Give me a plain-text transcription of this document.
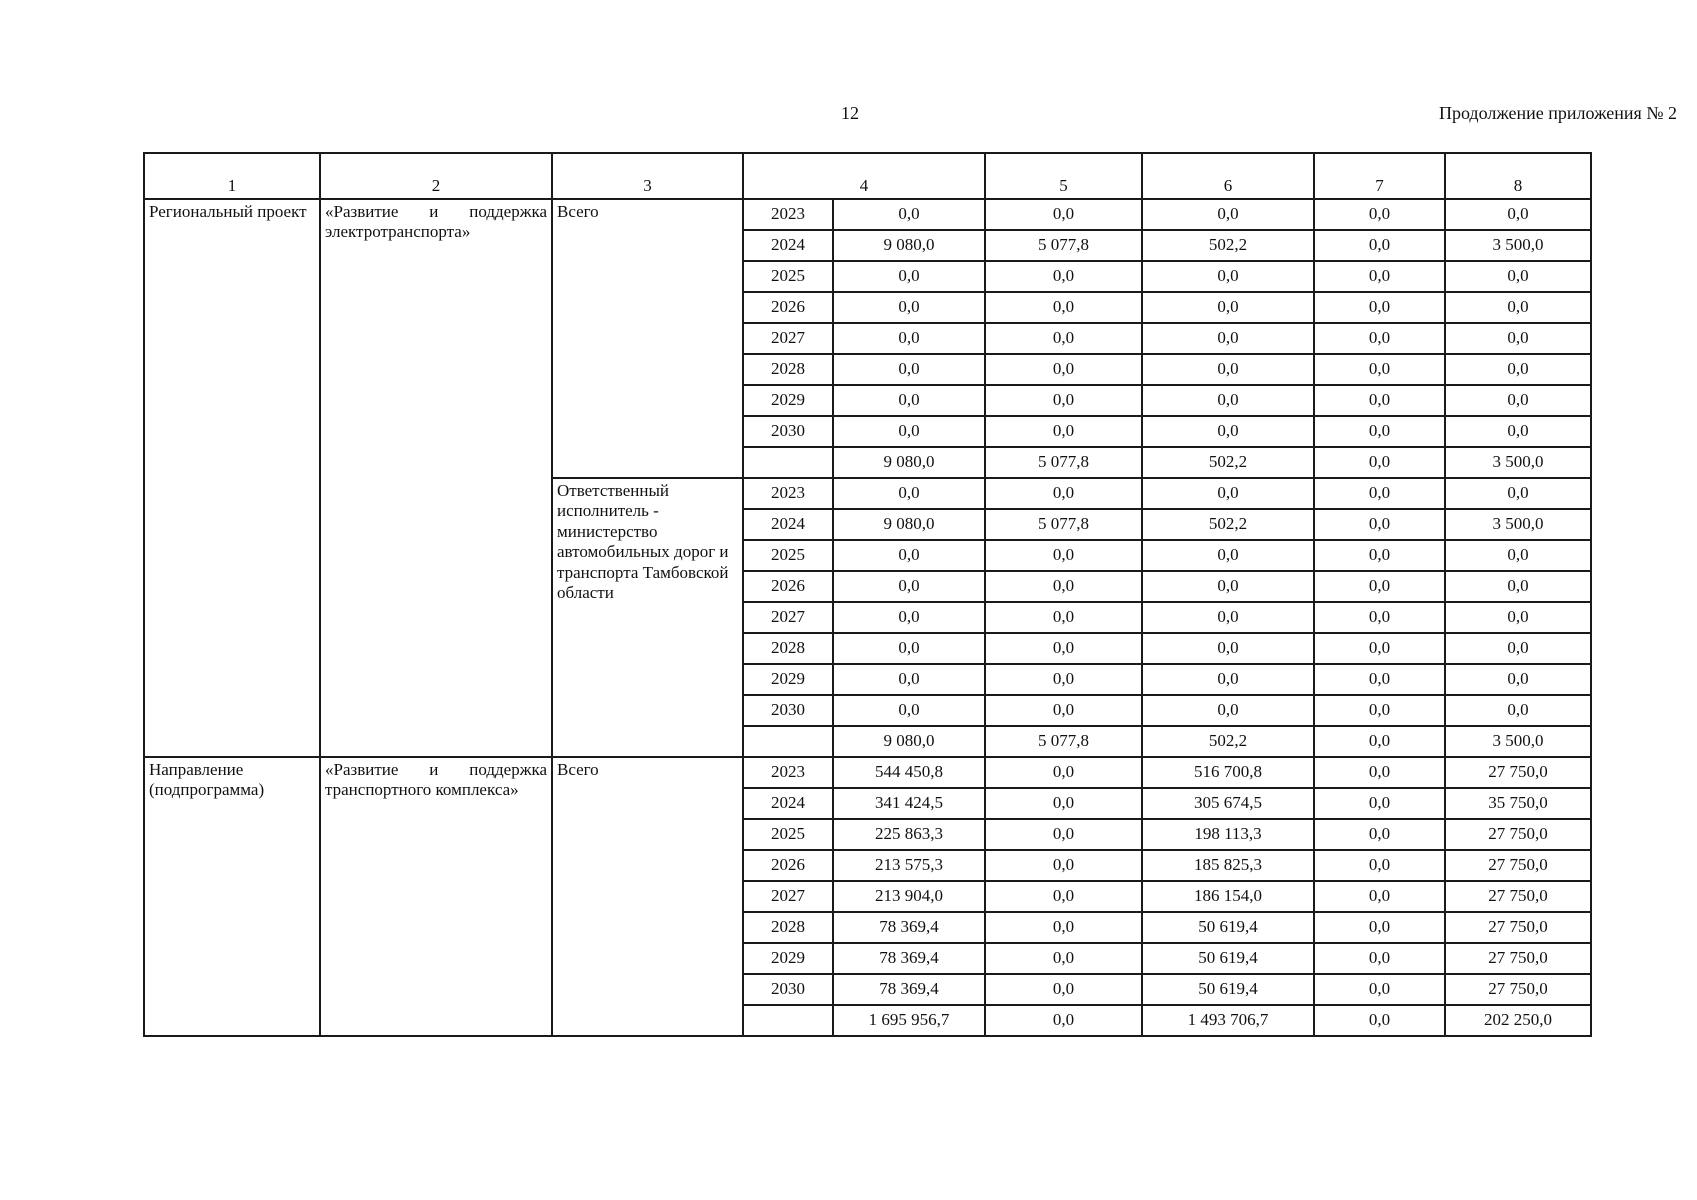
12	Продолжение приложения № 2
1	2	3	4		5	6	7	8
Региональный проект	«Развитие и поддержка электротранспорта»	Всего	2023	0,0	0,0	0,0	0,0	0,0
			2024	9 080,0	5 077,8	502,2	0,0	3 500,0
			2025	0,0	0,0	0,0	0,0	0,0
			2026	0,0	0,0	0,0	0,0	0,0
			2027	0,0	0,0	0,0	0,0	0,0
			2028	0,0	0,0	0,0	0,0	0,0
			2029	0,0	0,0	0,0	0,0	0,0
			2030	0,0	0,0	0,0	0,0	0,0
				9 080,0	5 077,8	502,2	0,0	3 500,0
		Ответственный исполнитель - министерство автомобильных дорог и транспорта Тамбовской области	2023	0,0	0,0	0,0	0,0	0,0
			2024	9 080,0	5 077,8	502,2	0,0	3 500,0
			2025	0,0	0,0	0,0	0,0	0,0
			2026	0,0	0,0	0,0	0,0	0,0
			2027	0,0	0,0	0,0	0,0	0,0
			2028	0,0	0,0	0,0	0,0	0,0
			2029	0,0	0,0	0,0	0,0	0,0
			2030	0,0	0,0	0,0	0,0	0,0
				9 080,0	5 077,8	502,2	0,0	3 500,0
Направление (подпрограмма)	«Развитие и поддержка транспортного комплекса»	Всего	2023	544 450,8	0,0	516 700,8	0,0	27 750,0
			2024	341 424,5	0,0	305 674,5	0,0	35 750,0
			2025	225 863,3	0,0	198 113,3	0,0	27 750,0
			2026	213 575,3	0,0	185 825,3	0,0	27 750,0
			2027	213 904,0	0,0	186 154,0	0,0	27 750,0
			2028	78 369,4	0,0	50 619,4	0,0	27 750,0
			2029	78 369,4	0,0	50 619,4	0,0	27 750,0
			2030	78 369,4	0,0	50 619,4	0,0	27 750,0
				1 695 956,7	0,0	1 493 706,7	0,0	202 250,0
